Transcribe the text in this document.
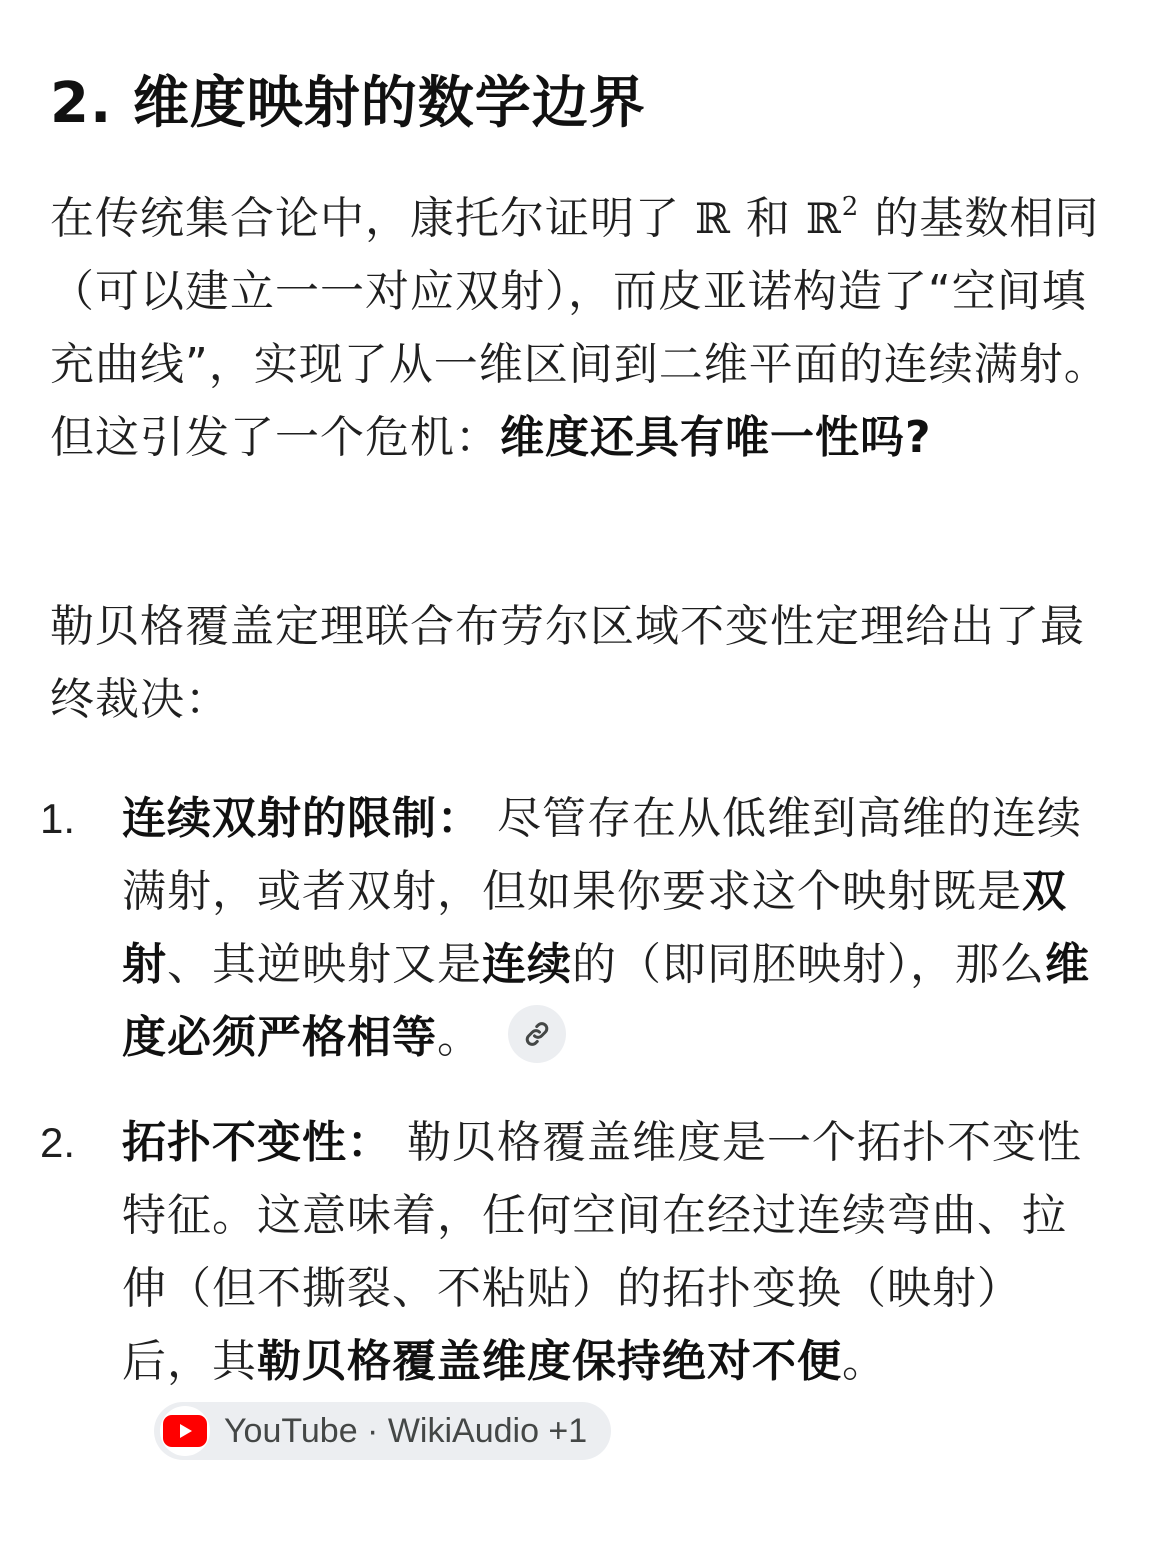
2. 维度映射的数学边界

在传统集合论中，康托尔证明了 ℝ 和 ℝ$^2$ 的基数相同（可以建立一一对应双射），而皮亚诺构造了“空间填充曲线”，实现了从一维区间到二维平面的连续满射。但这引发了一个危机：维度还具有唯一性吗?

勒贝格覆盖定理联合布劳尔区域不变性定理给出了最终裁决：

1. 连续双射的限制： 尽管存在从低维到高维的连续满射，或者双射，但如果你要求这个映射既是双射、其逆映射又是连续的（即同胚映射），那么维度必须严格相等。
2. 拓扑不变性： 勒贝格覆盖维度是一个拓扑不变性特征。这意味着，任何空间在经过连续弯曲、拉伸（但不撕裂、不粘贴）的拓扑变换（映射）后，其勒贝格覆盖维度保持绝对不便。
YouTube · WikiAudio +1
